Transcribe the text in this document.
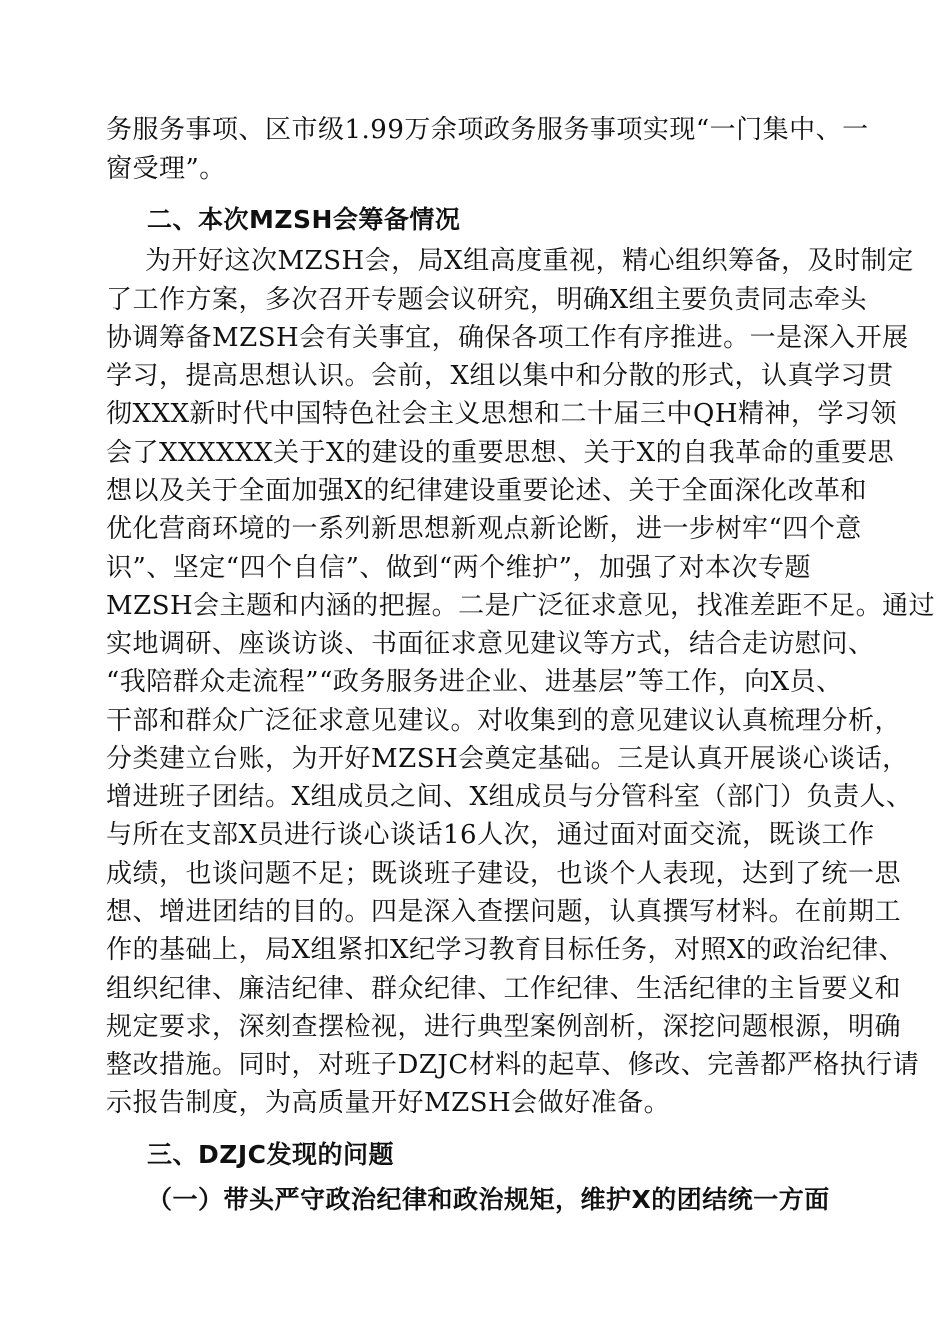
务服务事项、区市级1.99万余项政务服务事项实现“一门集中、一
窗受理”。
二、本次MZSH会筹备情况
为开好这次MZSH会，局X组高度重视，精心组织筹备，及时制定
了工作方案，多次召开专题会议研究，明确X组主要负责同志牵头
协调筹备MZSH会有关事宜，确保各项工作有序推进。一是深入开展
学习，提高思想认识。会前，X组以集中和分散的形式，认真学习贯
彻XXX新时代中国特色社会主义思想和二十届三中QH精神，学习领
会了XXXXXX关于X的建设的重要思想、关于X的自我革命的重要思
想以及关于全面加强X的纪律建设重要论述、关于全面深化改革和
优化营商环境的一系列新思想新观点新论断，进一步树牢“四个意
识”、坚定“四个自信”、做到“两个维护”，加强了对本次专题
MZSH会主题和内涵的把握。二是广泛征求意见，找准差距不足。通过
实地调研、座谈访谈、书面征求意见建议等方式，结合走访慰问、
“我陪群众走流程”“政务服务进企业、进基层”等工作，向X员、
干部和群众广泛征求意见建议。对收集到的意见建议认真梳理分析，
分类建立台账，为开好MZSH会奠定基础。三是认真开展谈心谈话，
增进班子团结。X组成员之间、X组成员与分管科室（部门）负责人、
与所在支部X员进行谈心谈话16人次，通过面对面交流，既谈工作
成绩，也谈问题不足；既谈班子建设，也谈个人表现，达到了统一思
想、增进团结的目的。四是深入查摆问题，认真撰写材料。在前期工
作的基础上，局X组紧扣X纪学习教育目标任务，对照X的政治纪律、
组织纪律、廉洁纪律、群众纪律、工作纪律、生活纪律的主旨要义和
规定要求，深刻查摆检视，进行典型案例剖析，深挖问题根源，明确
整改措施。同时，对班子DZJC材料的起草、修改、完善都严格执行请
示报告制度，为高质量开好MZSH会做好准备。
三、DZJC发现的问题
（一）带头严守政治纪律和政治规矩，维护X的团结统一方面
